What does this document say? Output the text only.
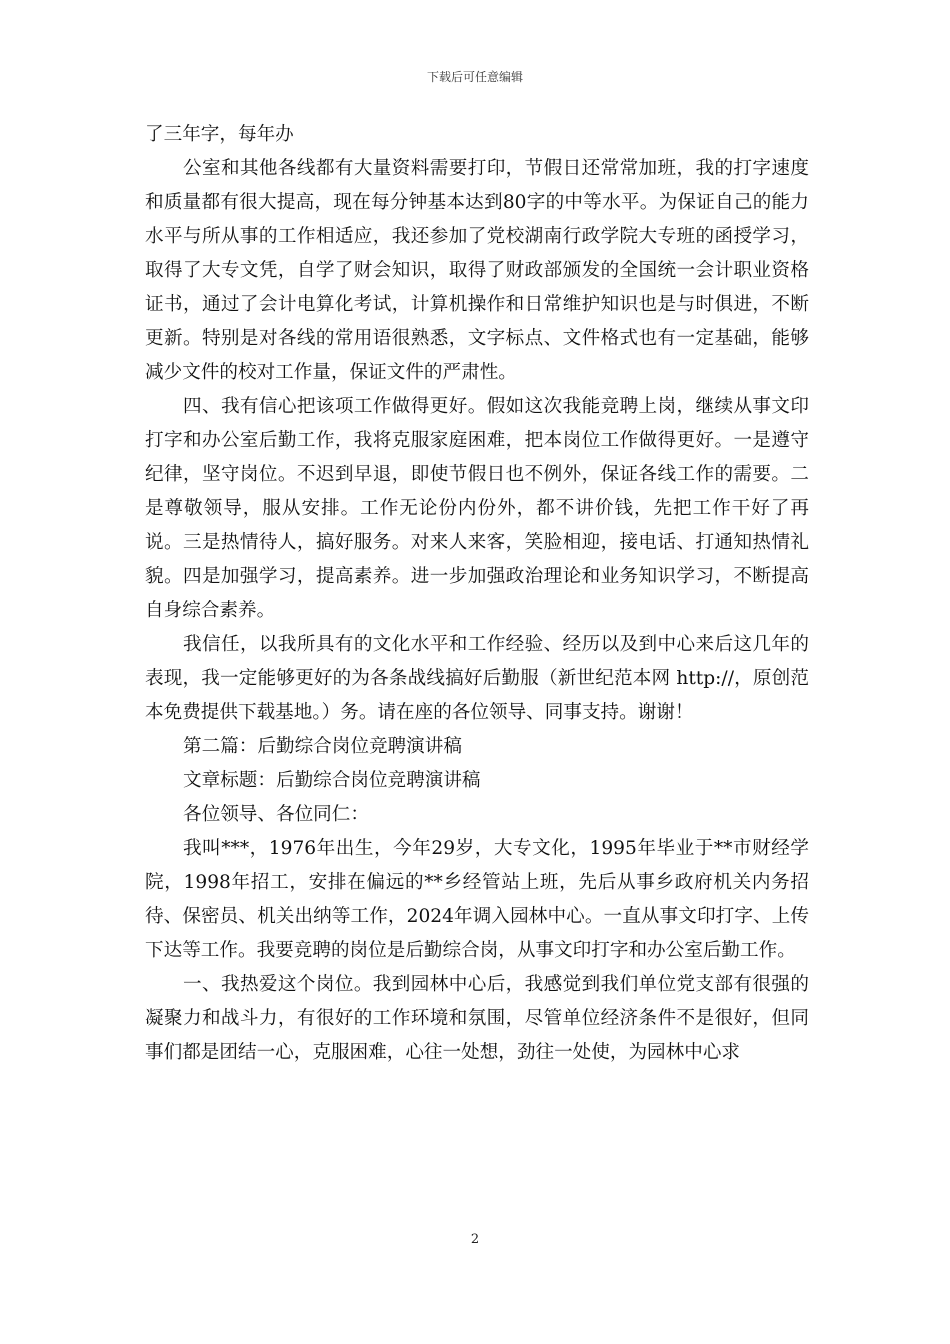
下载后可任意编辑

了三年字，每年办

公室和其他各线都有大量资料需要打印，节假日还常常加班，我的打字速度和质量都有很大提高，现在每分钟基本达到80字的中等水平。为保证自己的能力水平与所从事的工作相适应，我还参加了党校湖南行政学院大专班的函授学习，取得了大专文凭，自学了财会知识，取得了财政部颁发的全国统一会计职业资格证书，通过了会计电算化考试，计算机操作和日常维护知识也是与时俱进，不断更新。特别是对各线的常用语很熟悉，文字标点、文件格式也有一定基础，能够减少文件的校对工作量，保证文件的严肃性。

四、我有信心把该项工作做得更好。假如这次我能竞聘上岗，继续从事文印打字和办公室后勤工作，我将克服家庭困难，把本岗位工作做得更好。一是遵守纪律，坚守岗位。不迟到早退，即使节假日也不例外，保证各线工作的需要。二是尊敬领导，服从安排。工作无论份内份外，都不讲价钱，先把工作干好了再说。三是热情待人，搞好服务。对来人来客，笑脸相迎，接电话、打通知热情礼貌。四是加强学习，提高素养。进一步加强政治理论和业务知识学习，不断提高自身综合素养。

我信任，以我所具有的文化水平和工作经验、经历以及到中心来后这几年的表现，我一定能够更好的为各条战线搞好后勤服（新世纪范本网 http://，原创范本免费提供下载基地。）务。请在座的各位领导、同事支持。谢谢！

第二篇：后勤综合岗位竞聘演讲稿

文章标题：后勤综合岗位竞聘演讲稿

各位领导、各位同仁：

我叫***，1976年出生，今年29岁，大专文化，1995年毕业于**市财经学院，1998年招工，安排在偏远的**乡经管站上班，先后从事乡政府机关内务招待、保密员、机关出纳等工作，2024年调入园林中心。一直从事文印打字、上传下达等工作。我要竞聘的岗位是后勤综合岗，从事文印打字和办公室后勤工作。

一、我热爱这个岗位。我到园林中心后，我感觉到我们单位党支部有很强的凝聚力和战斗力，有很好的工作环境和氛围，尽管单位经济条件不是很好，但同事们都是团结一心，克服困难，心往一处想，劲往一处使，为园林中心求

2
